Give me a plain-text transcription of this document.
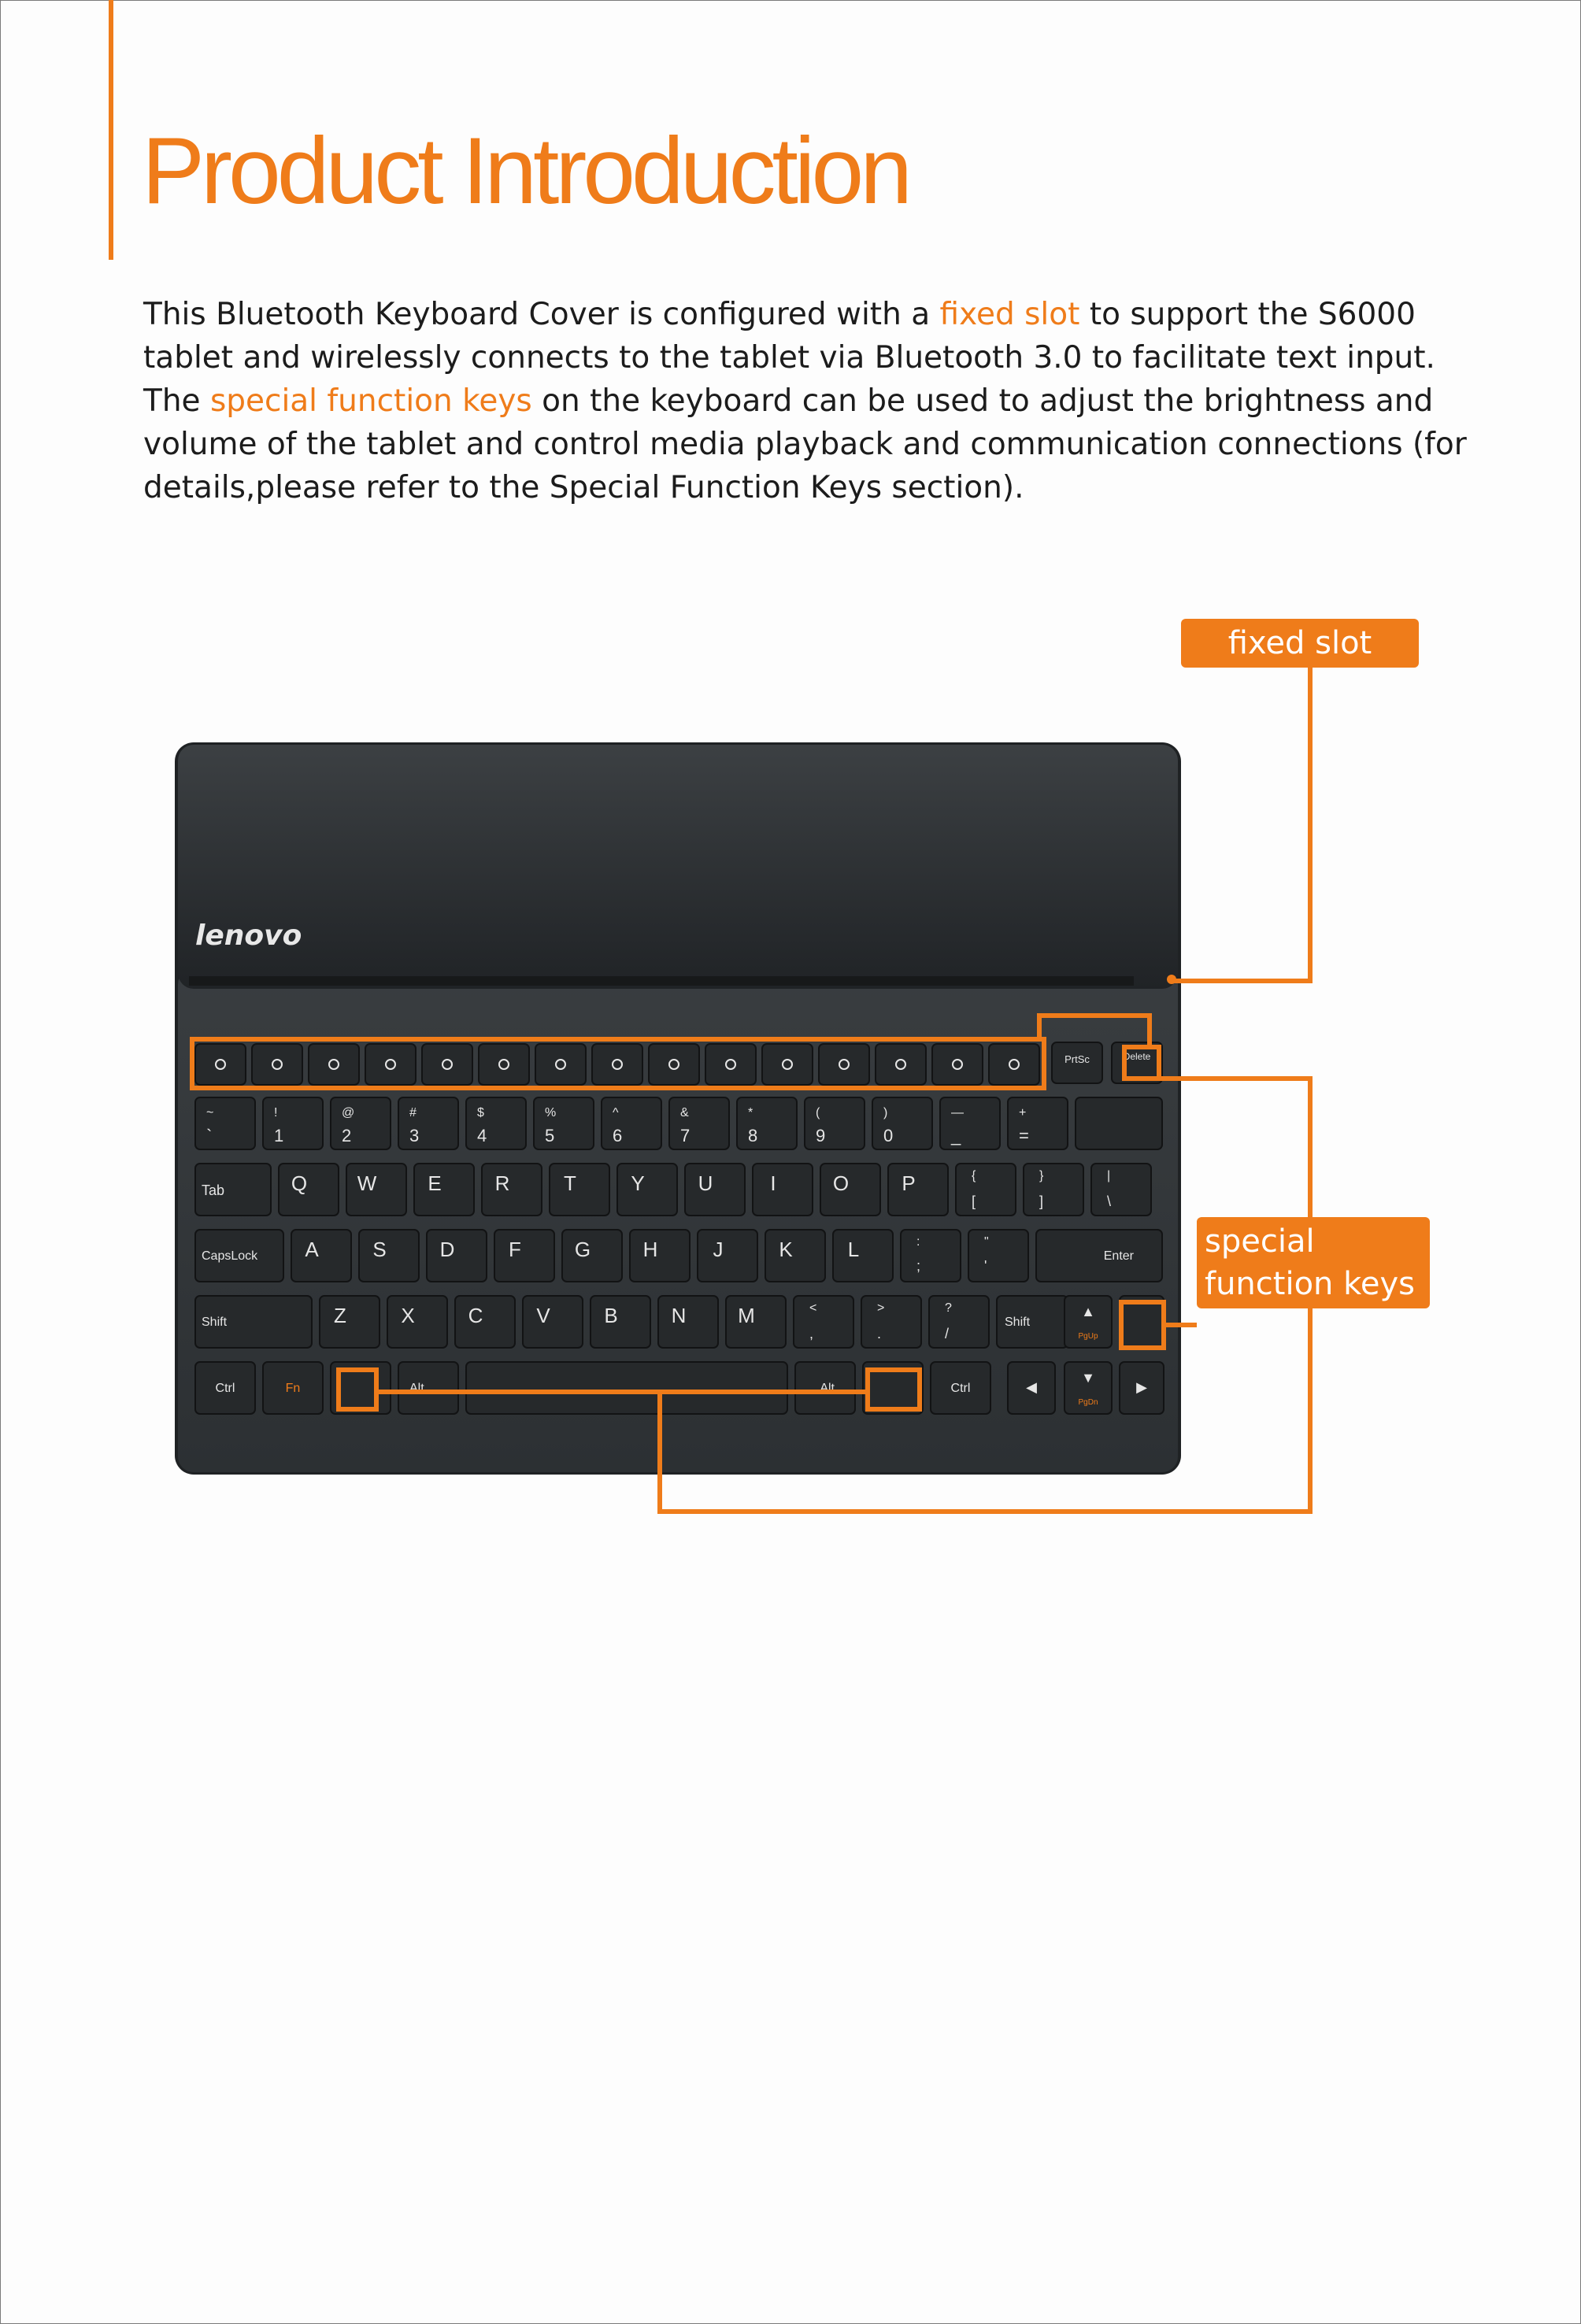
Product Introduction

This Bluetooth Keyboard Cover is configured with a fixed slot to support the S6000 tablet and wirelessly connects to the tablet via Bluetooth 3.0 to facilitate text input. The special function keys on the keyboard can be used to adjust the brightness and volume of the tablet and control media playback and communication connections (for details,please refer to the Special Function Keys section).

lenovo
PrtSc	Delete
~
`
!
1
@
2
#
3
$
4
%
5
^
6
&
7
*
8
(
9
)
0
—
_
+
=
Tab	Q W	E	R	T	Y	U	I	O	P	{
[
}
]
|
\
CapsLock A	S	D	F	G	H	J	K	L	:
;
"
'
Enter
Shift	Z	X	C	V	B	N	M	<
,
>
.
?
/
Shift
▲
PgUp
Ctrl	Fn	Alt	Alt	Ctrl	◀
▼
PgDn
▶
fixed slot
special function keys
